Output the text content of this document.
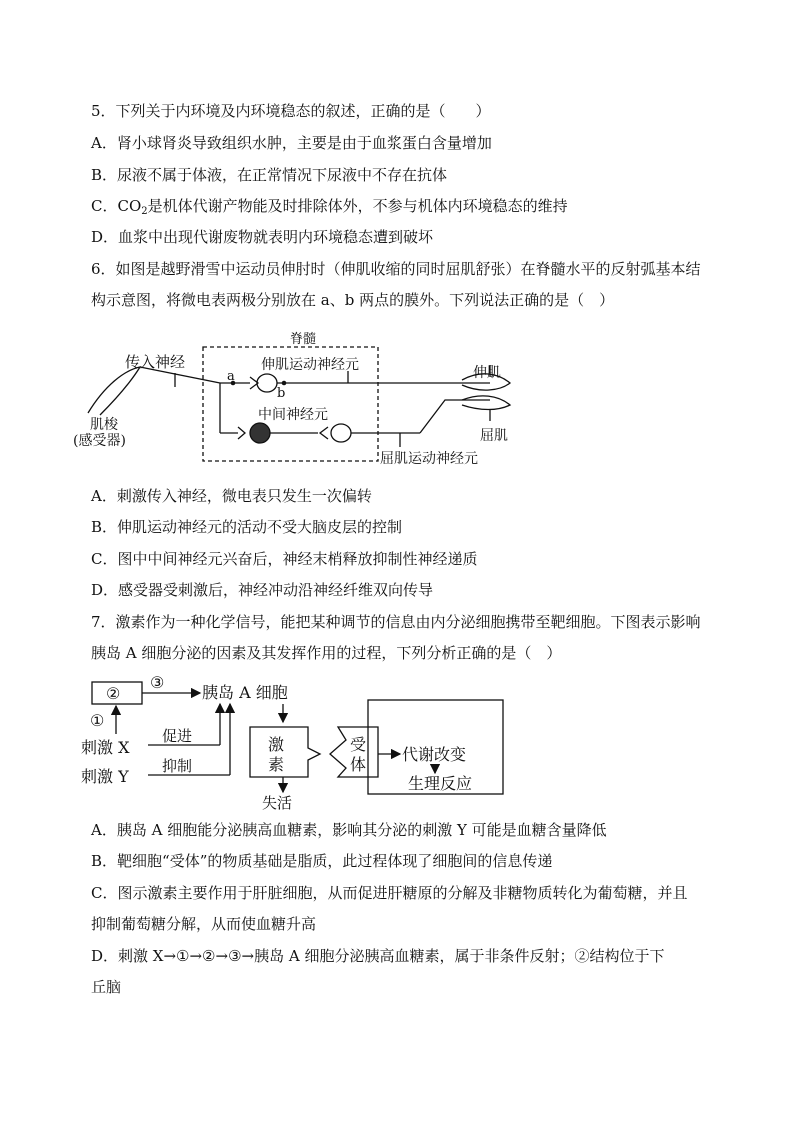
5．下列关于内环境及内环境稳态的叙述，正确的是（　　）
A．肾小球肾炎导致组织水肿，主要是由于血浆蛋白含量增加
B．尿液不属于体液，在正常情况下尿液中不存在抗体
C．$CO_2$是机体代谢产物能及时排除体外，不参与机体内环境稳态的维持
D．血浆中出现代谢废物就表明内环境稳态遭到破坏
6．如图是越野滑雪中运动员伸肘时（伸肌收缩的同时屈肌舒张）在脊髓水平的反射弧基本结
构示意图，将微电表两极分别放在 a、b 两点的膜外。下列说法正确的是（　）
脊髓
传入神经	伸肌运动神经元
中间神经元
屈肌运动神经元
伸肌
屈肌
肌梭
(感受器)
a
b
A．刺激传入神经，微电表只发生一次偏转
B．伸肌运动神经元的活动不受大脑皮层的控制
C．图中中间神经元兴奋后，神经末梢释放抑制性神经递质
D．感受器受刺激后，神经冲动沿神经纤维双向传导
7．激素作为一种化学信号，能把某种调节的信息由内分泌细胞携带至靶细胞。下图表示影响
胰岛 A 细胞分泌的因素及其发挥作用的过程，下列分析正确的是（　）
②
③
胰岛 A 细胞
①
刺激 X
刺激 Y
促进
抑制
激
素
失活
受
体
代谢改变
生理反应
A．胰岛 A 细胞能分泌胰高血糖素，影响其分泌的刺激 Y 可能是血糖含量降低
B．靶细胞“受体”的物质基础是脂质，此过程体现了细胞间的信息传递
C．图示激素主要作用于肝脏细胞，从而促进肝糖原的分解及非糖物质转化为葡萄糖，并且
抑制葡萄糖分解，从而使血糖升高
D．刺激 X→①→②→③→胰岛 A 细胞分泌胰高血糖素，属于非条件反射；②结构位于下
丘脑
